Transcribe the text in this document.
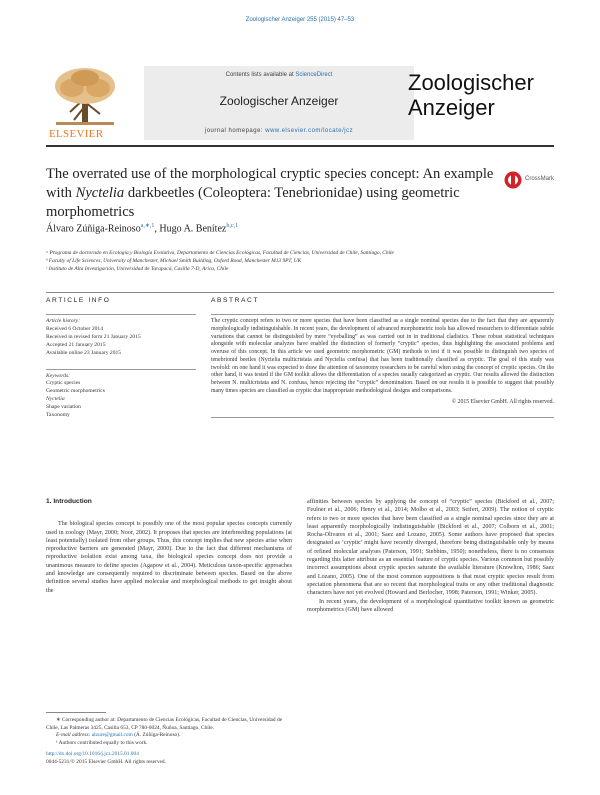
Zoologischer Anzeiger 255 (2015) 47–53
ELSEVIER
Contents lists available at ScienceDirect
Zoologischer Anzeiger
journal homepage: www.elsevier.com/locate/jcz
Zoologischer
Anzeiger
The overrated use of the morphological cryptic species concept: An example with Nyctelia darkbeetles (Coleoptera: Tenebrionidae) using geometric morphometrics
CrossMark
Álvaro Zúñiga-Reinoso$^{a,∗,1}$, Hugo A. Benítez$^{b,c,1}$
ᵃ Programa de doctorado en Ecología y Biología Evolutiva, Departamento de Ciencias Ecológicas, Facultad de Ciencias, Universidad de Chile, Santiago, Chile
ᵇ Faculty of Life Sciences, University of Manchester, Michael Smith Building, Oxford Road, Manchester M13 9PT, UK
ᶜ Instituto de Alta Investigación, Universidad de Tarapacá, Casilla 7-D, Arica, Chile
ARTICLE INFO
Article history:
Received 6 October 2014
Received in revised form 21 January 2015
Accepted 21 January 2015
Available online 23 January 2015
Keywords:
Cryptic species
Geometric morphometrics
Nyctelia
Shape variation
Taxonomy
ABSTRACT
The cryptic concept refers to two or more species that have been classified as a single nominal species due to the fact that they are apparently morphologically indistinguishable. In recent years, the development of advanced morphometric tools has allowed researchers to differentiate subtle variations that cannot be distinguished by mere “eyeballing” as was carried out in in traditional cladistics. These robust statistical techniques alongside with molecular analyzes have enabled the distinction of formerly “cryptic” species, thus highlighting the associated problems and overuse of this concept. In this article we used geometric morphometric (GM) methods to test if it was possible to distinguish two species of tenebrionid beetles (Nyctelia multicristata and Nyctelia confusa) that has been traditionally classified as cryptic. The goal of this study was twofold: on one hand it was expected to draw the attention of taxonomy researchers to be careful when using the concept of cryptic species. On the other hand, it was tested if the GM toolkit allows the differentiation of a species usually categorized as cryptic. Our results allowed the distinction between N. multicristata and N. confusa, hence rejecting the “cryptic” denomination. Based on our results it is possible to suggest that possibly many times species are classified as cryptic due inappropriate methodological designs and comparisons.
© 2015 Elsevier GmbH. All rights reserved.
1. Introduction
The biological species concept is possibly one of the most popular species concepts currently used in zoology (Mayr, 2000; Noor, 2002). It proposes that species are interbreeding populations (at least potentially) isolated from other groups. Thus, this concept implies that new species arise when reproductive barriers are generated (Mayr, 2000). Due to the fact that different mechanisms of reproductive isolation exist among taxa, the biological species concept does not provide a unanimous measure to define species (Agapow et al., 2004). Meticulous taxon-specific approaches and knowledge are consequently required to discriminate between species. Based on the above definition several studies have applied molecular and morphological methods to get insight about the
affinities between species by applying the concept of “cryptic” species (Bickford et al., 2007; Feulner et al., 2006; Henry et al., 2014; Molbo et al., 2003; Seifert, 2009). The notion of cryptic refers to two or more species that have been classified as a single nominal species since they are at least apparently morphologically indistinguishable (Bickford et al., 2007; Colborn et al., 2001; Rocha-Olivares et al., 2001; Saez and Lozano, 2005). Some authors have proposed that species designated as ‘cryptic’ might have recently diverged, therefore being distinguishable only by means of refined molecular analyses (Paterson, 1991; Stebbins, 1950); nonetheless, there is no consensus regarding this latter attribute as an essential feature of cryptic species. Various common but possibly incorrect assumptions about cryptic species saturate the available literature (Knowlton, 1986; Saez and Lozano, 2005). One of the most common suppositions is that most cryptic species result from speciation phenomena that are so recent that morphological traits or any other traditional diagnostic characters have not yet evolved (Howard and Berlocher, 1998; Paterson, 1991; Winker, 2005).
In recent years, the development of a morphological quantitative toolkit known as geometric morphometrics (GM) have allowed
∗ Corresponding author at: Departamento de Ciencias Ecológicas, Facultad de Ciencias, Universidad de Chile, Las Palmeras 3425, Casilla 653, CP 780-0024, Ñuñoa, Santiago, Chile.
E-mail address: alzure@gmail.com (Á. Zúñiga-Reinoso).
¹ Authors contributed equally to this work.
http://dx.doi.org/10.1016/j.jcz.2015.01.004
0044-5231/© 2015 Elsevier GmbH. All rights reserved.
